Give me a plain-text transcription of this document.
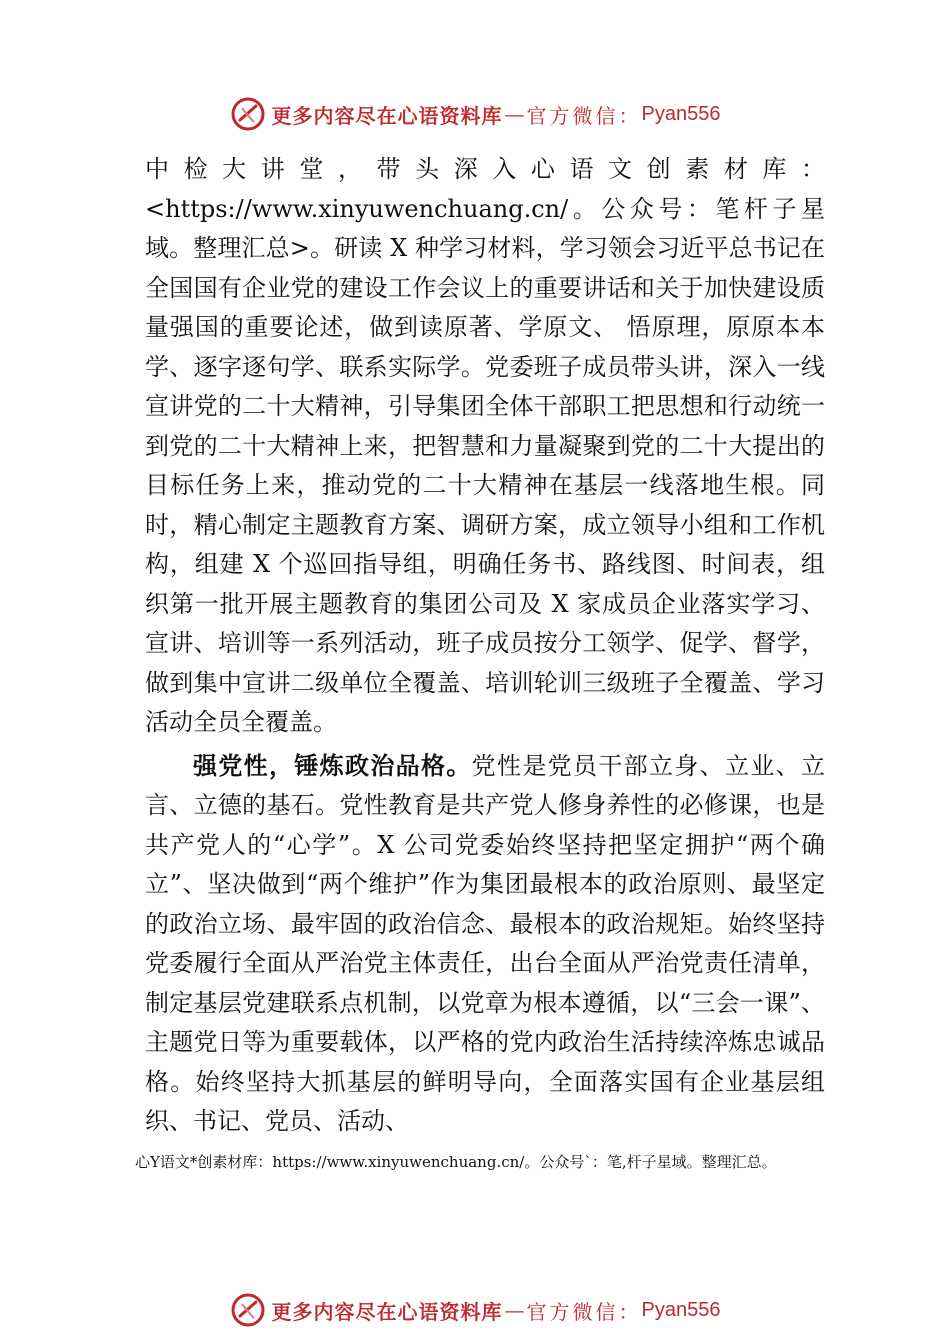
更多内容尽在心语资料库 — 官方微信： Pyan556

中检大讲堂，带头深入心语文创素材库：<https://www.xinyuwenchuang.cn/。公众号：笔杆子星域。整理汇总>。研读 X 种学习材料，学习领会习近平总书记在全国国有企业党的建设工作会议上的重要讲话和关于加快建设质量强国的重要论述，做到读原著、学原文、 悟原理，原原本本学、逐字逐句学、联系实际学。党委班子成员带头讲，深入一线宣讲党的二十大精神，引导集团全体干部职工把思想和行动统一到党的二十大精神上来，把智慧和力量凝聚到党的二十大提出的目标任务上来，推动党的二十大精神在基层一线落地生根。同时，精心制定主题教育方案、调研方案，成立领导小组和工作机构，组建 X 个巡回指导组，明确任务书、路线图、时间表，组织第一批开展主题教育的集团公司及 X 家成员企业落实学习、宣讲、培训等一系列活动，班子成员按分工领学、促学、督学，做到集中宣讲二级单位全覆盖、培训轮训三级班子全覆盖、学习活动全员全覆盖。

强党性，锤炼政治品格。党性是党员干部立身、立业、立言、立德的基石。党性教育是共产党人修身养性的必修课，也是共产党人的“心学”。X 公司党委始终坚持把坚定拥护“两个确立”、坚决做到“两个维护”作为集团最根本的政治原则、最坚定的政治立场、最牢固的政治信念、最根本的政治规矩。始终坚持党委履行全面从严治党主体责任，出台全面从严治党责任清单，制定基层党建联系点机制，以党章为根本遵循，以“三会一课”、主题党日等为重要载体，以严格的党内政治生活持续淬炼忠诚品格。始终坚持大抓基层的鲜明导向，全面落实国有企业基层组织、书记、党员、活动、

心Y语文*创素材库：https://www.xinyuwenchuang.cn/。公众号`：笔,杆子星域。整理汇总。
更多内容尽在心语资料库 — 官方微信： Pyan556
